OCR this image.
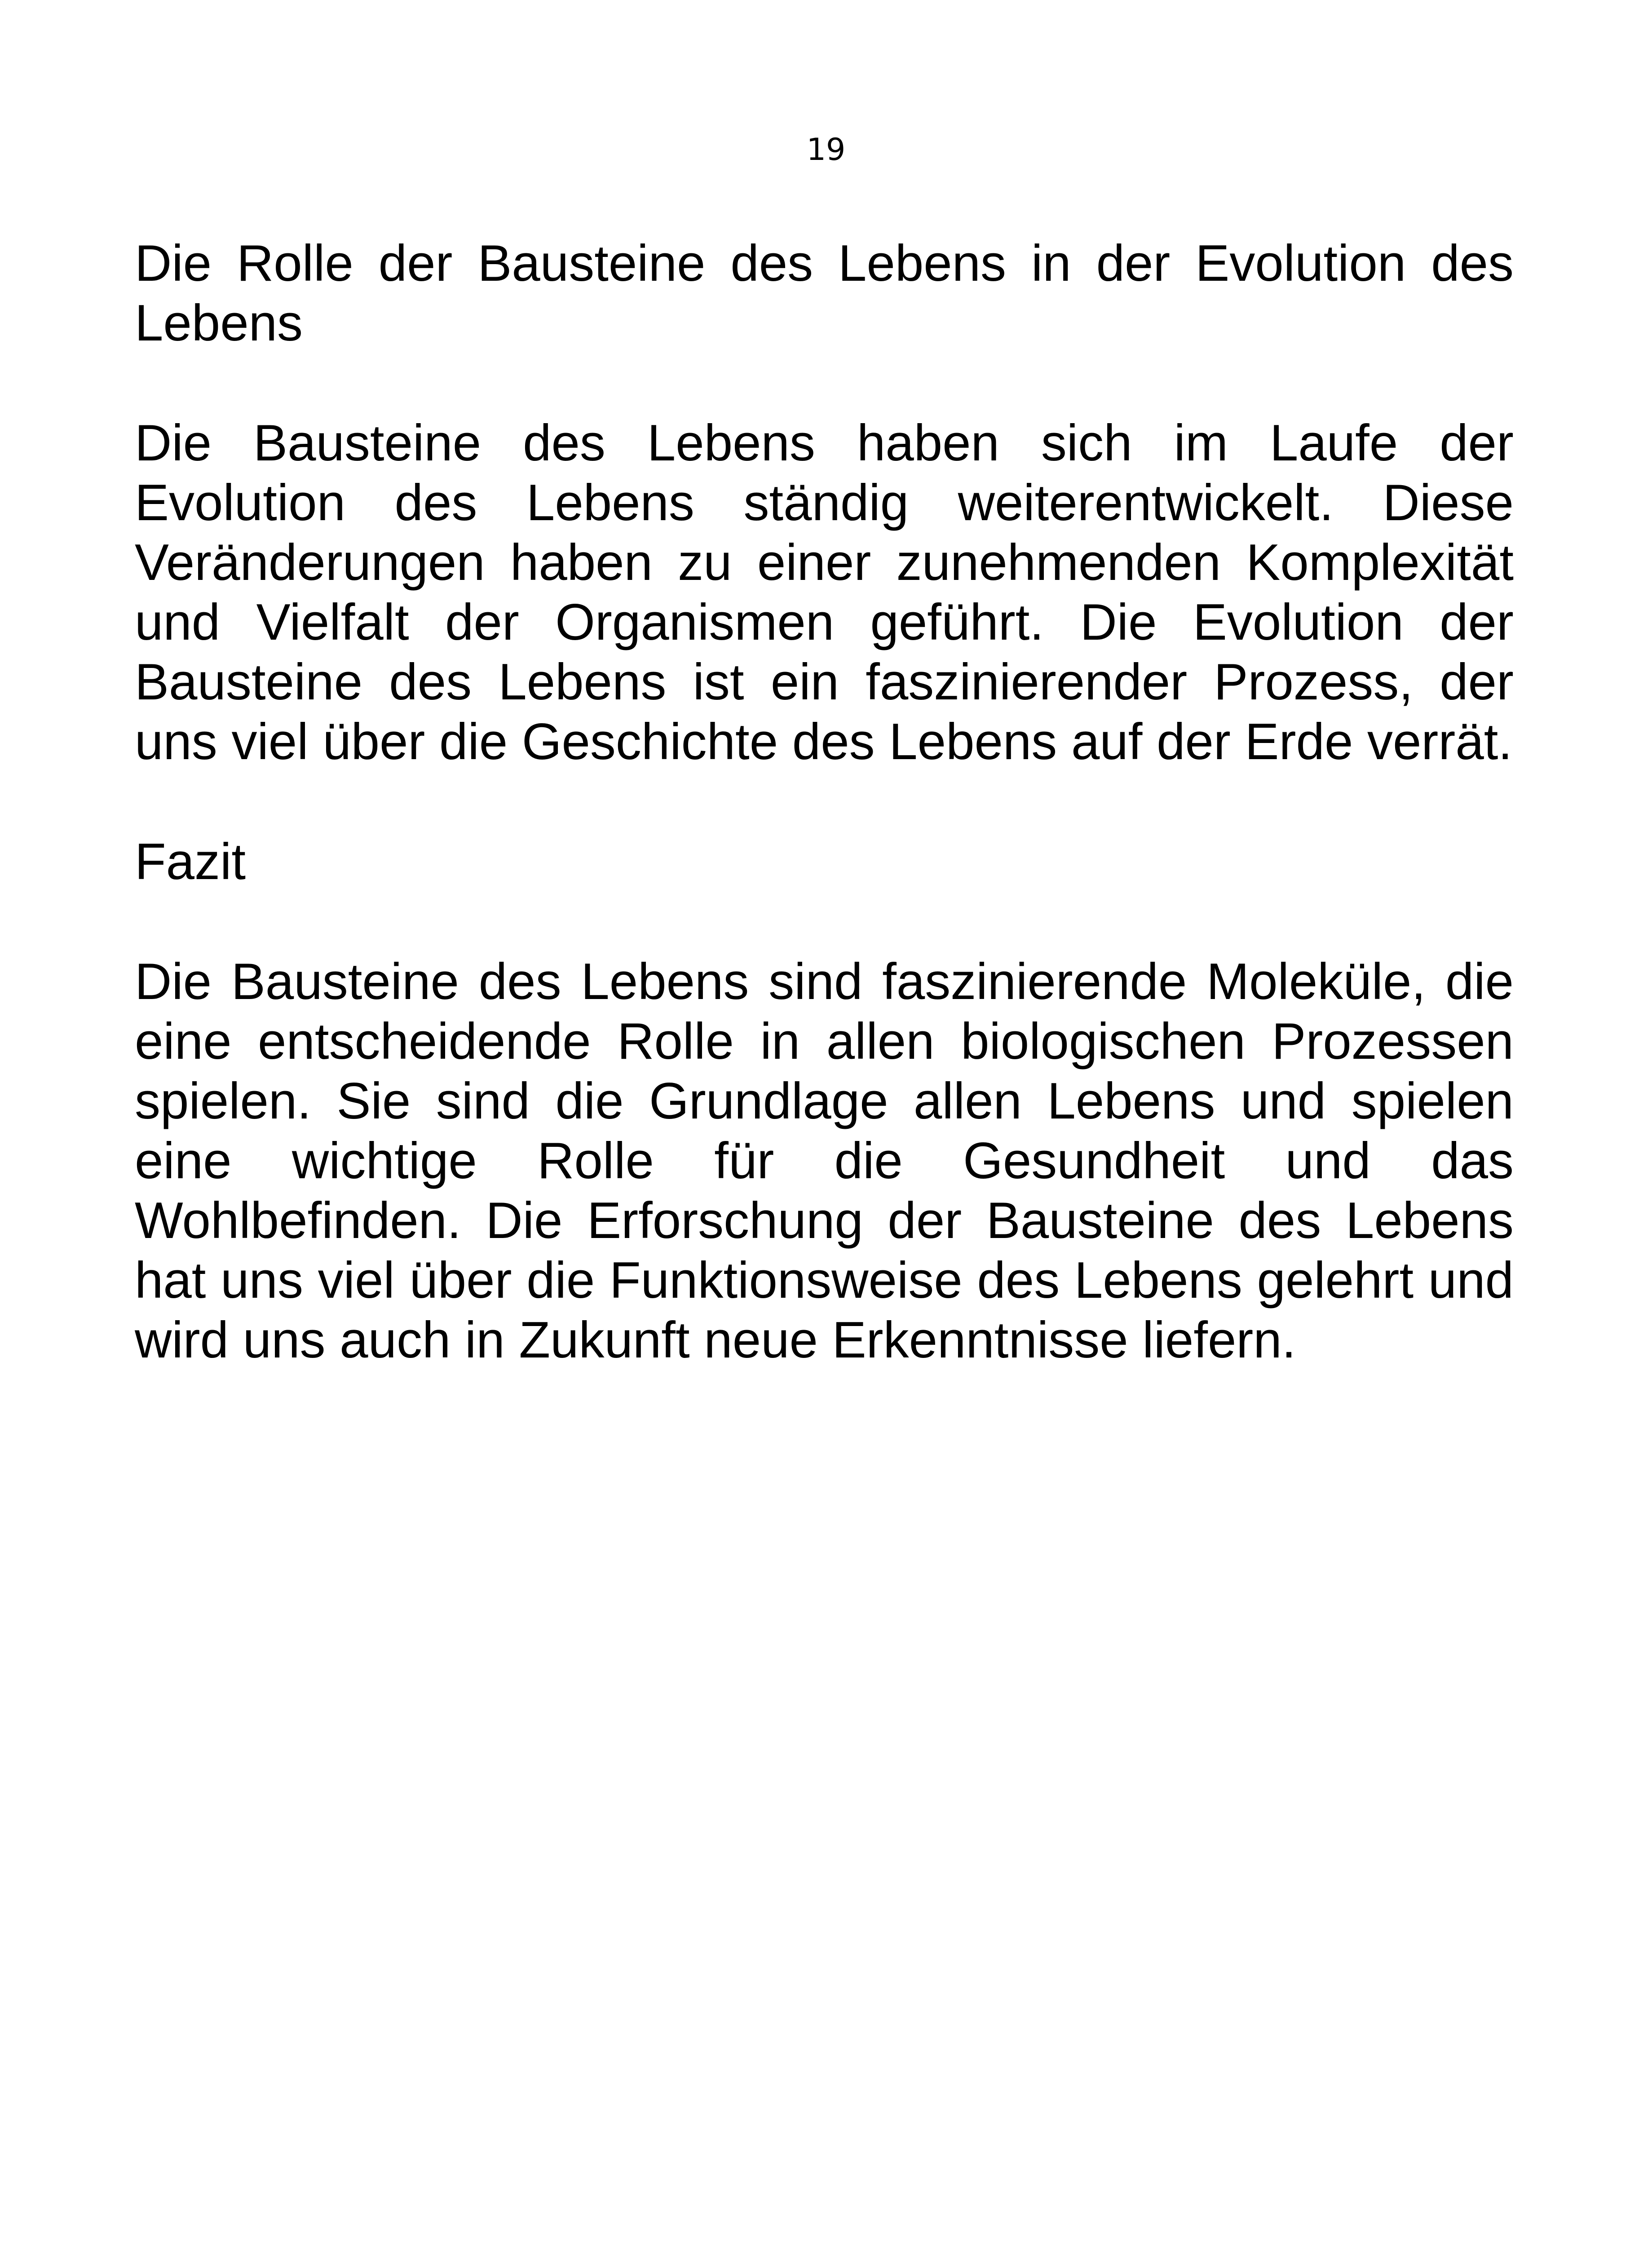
19

Die Rolle der Bausteine des Lebens in der Evolution des Lebens

Die Bausteine des Lebens haben sich im Laufe der Evolution des Lebens ständig weiterentwickelt. Diese Veränderungen haben zu einer zunehmenden Komplexität und Vielfalt der Organismen geführt. Die Evolution der Bausteine des Lebens ist ein faszinierender Prozess, der uns viel über die Geschichte des Lebens auf der Erde verrät.

Fazit

Die Bausteine des Lebens sind faszinierende Moleküle, die eine entscheidende Rolle in allen biologischen Prozessen spielen. Sie sind die Grundlage allen Lebens und spielen eine wichtige Rolle für die Gesundheit und das Wohlbefinden. Die Erforschung der Bausteine des Lebens hat uns viel über die Funktionsweise des Lebens gelehrt und wird uns auch in Zukunft neue Erkenntnisse liefern.
